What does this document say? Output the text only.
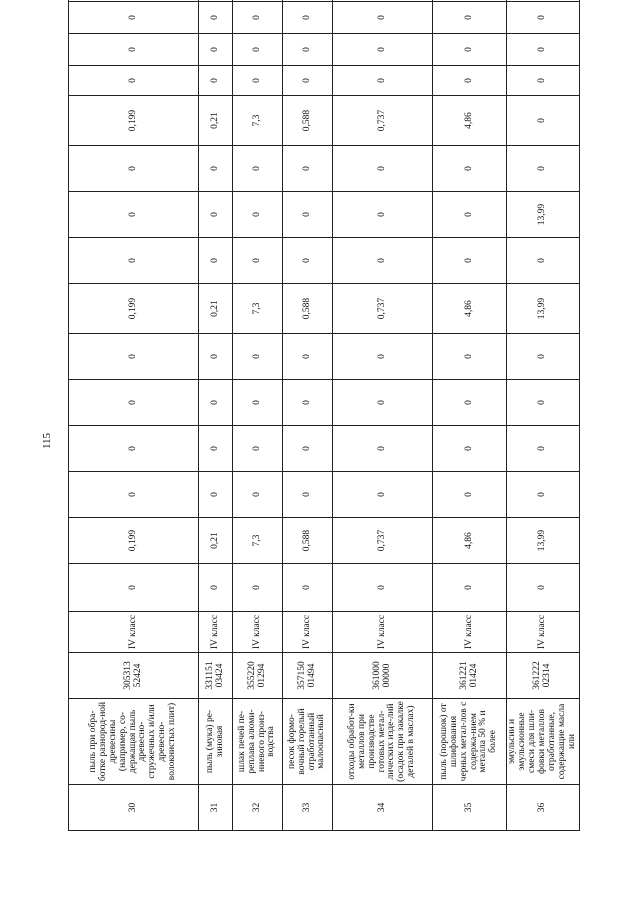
115
30	пыль при обра-ботке разноpод-ной древесины (например, со-держащая пыль древесно-стружечных и/или древесно-волокнистых плит)	305313 52424	IV класс	0	0,199	0	0	0	0	0,199	0	0	0	0,199	0	0	0	
31	пыль (мука) ре-зиновая	331151 03424	IV класс	0	0,21	0	0	0	0	0,21	0	0	0	0,21	0	0	0	
32	шлак печей пе-реплава алюми-ниевого произ-водства	355220 01294	IV класс	0	7,3	0	0	0	0	7,3	0	0	0	7,3	0	0	0	
33	песок формо-вочный горелый отработанный малоопасный	357150 01494	IV класс	0	0,588	0	0	0	0	0,588	0	0	0	0,588	0	0	0	
34	отходы обработ-ки металлов при производстве готовых метал-лических изде-лий (осадок при закалке деталей в маслах)	361000 00000	IV класс	0	0,737	0	0	0	0	0,737	0	0	0	0,737	0	0	0	
35	пыль (порошок) от шлифования черных метал-лов с содержа-нием металла 50 % и более	361221 01424	IV класс	0	4,86	0	0	0	0	4,86	0	0	0	4,86	0	0	0	
36	эмульсии и эмульсионные смеси для шли-фовки металлов отработанные, содержащие масла или	361222 02314	IV класс	0	13,99	0	0	0	0	13,99	0	13,99	0	0	0	0	0	
